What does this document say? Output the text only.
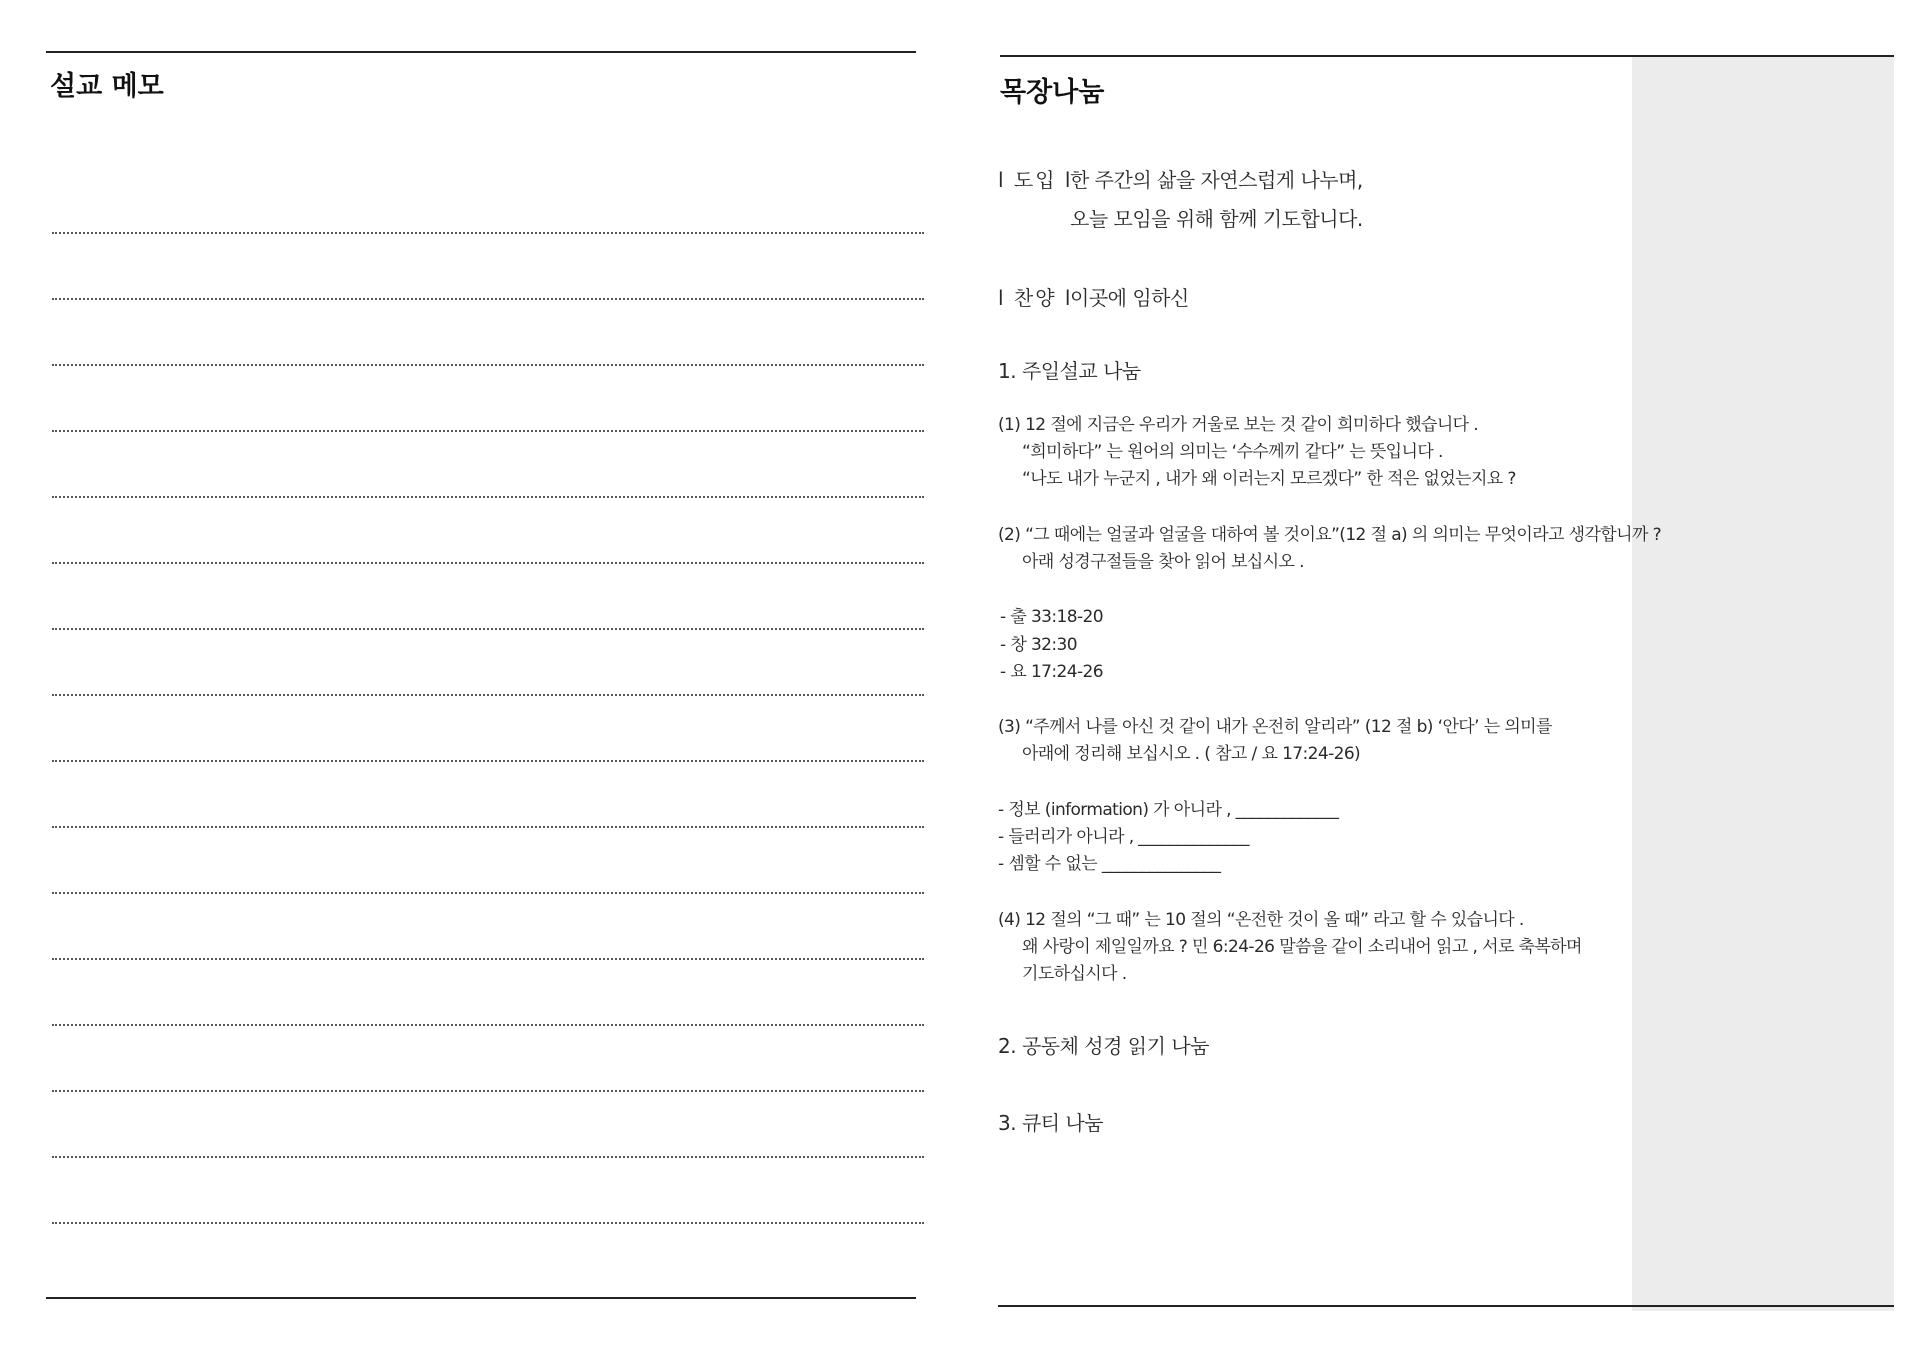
설교 메모	목장나눔
l 도입 l
한 주간의 삶을 자연스럽게 나누며,
오늘 모임을 위해 함께 기도합니다.
l 찬양 l
이곳에 임하신
1. 주일설교 나눔
(1) 12 절에 지금은 우리가 거울로 보는 것 같이 희미하다 했습니다 .
“희미하다” 는 원어의 의미는 ‘수수께끼 같다” 는 뜻입니다 .
“나도 내가 누군지 , 내가 왜 이러는지 모르겠다” 한 적은 없었는지요 ?
(2) “그 때에는 얼굴과 얼굴을 대하여 볼 것이요”(12 절 a) 의 의미는 무엇이라고 생각합니까 ?
아래 성경구절들을 찾아 읽어 보십시오 .
- 출 33:18-20
- 창 32:30
- 요 17:24-26
(3) “주께서 나를 아신 것 같이 내가 온전히 알리라” (12 절 b) ‘안다’ 는 의미를
아래에 정리해 보십시오 . ( 참고 / 요 17:24-26)
- 정보 (information) 가 아니라 , _____________
- 들러리가 아니라 , ______________
- 셈할 수 없는 _______________
(4) 12 절의 “그 때” 는 10 절의 “온전한 것이 올 때” 라고 할 수 있습니다 .
왜 사랑이 제일일까요 ? 민 6:24-26 말씀을 같이 소리내어 읽고 , 서로 축복하며
기도하십시다 .
2. 공동체 성경 읽기 나눔
3. 큐티 나눔
